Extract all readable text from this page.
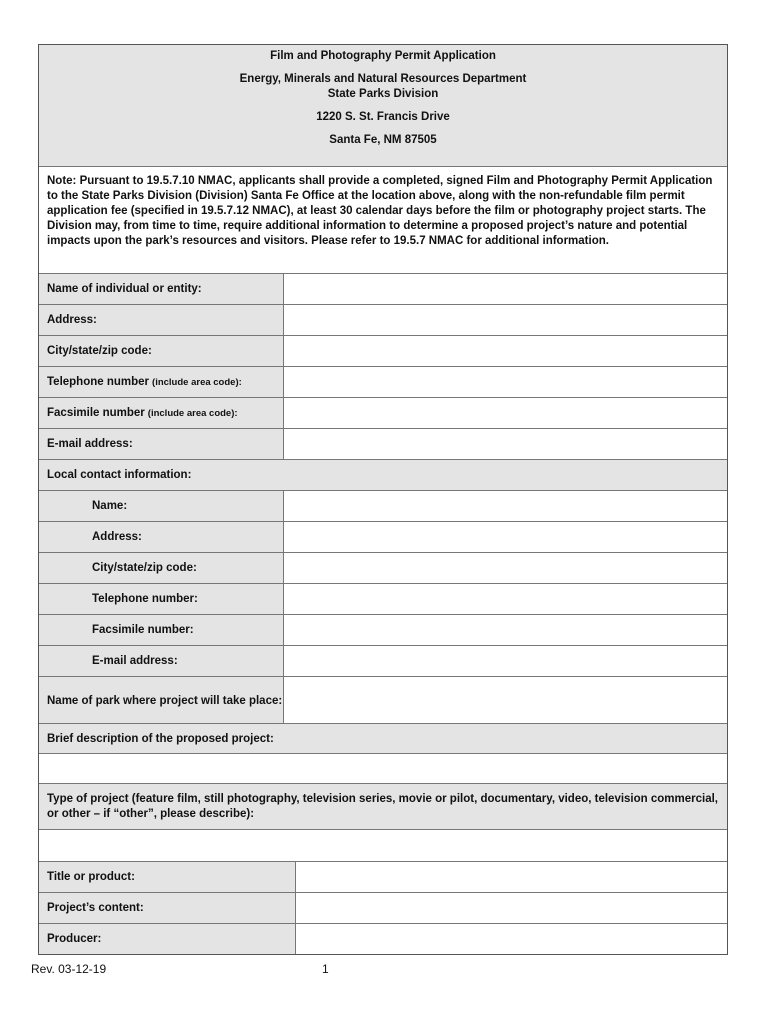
Film and Photography Permit Application
Energy, Minerals and Natural Resources Department
State Parks Division
1220 S. St. Francis Drive
Santa Fe, NM 87505
Note: Pursuant to 19.5.7.10 NMAC, applicants shall provide a completed, signed Film and Photography Permit Application to the State Parks Division (Division) Santa Fe Office at the location above, along with the non-refundable film permit application fee (specified in 19.5.7.12 NMAC), at least 30 calendar days before the film or photography project starts. The Division may, from time to time, require additional information to determine a proposed project’s nature and potential impacts upon the park’s resources and visitors. Please refer to 19.5.7 NMAC for additional information.
Name of individual or entity:
Address:
City/state/zip code:
Telephone number (include area code):
Facsimile number (include area code):
E-mail address:
Local contact information:
Name:
Address:
City/state/zip code:
Telephone number:
Facsimile number:
E-mail address:
Name of park where project will take place:
Brief description of the proposed project:
Type of project (feature film, still photography, television series, movie or pilot, documentary, video, television commercial, or other – if “other”, please describe):
Title or product:
Project’s content:
Producer:
Rev. 03-12-19	1
